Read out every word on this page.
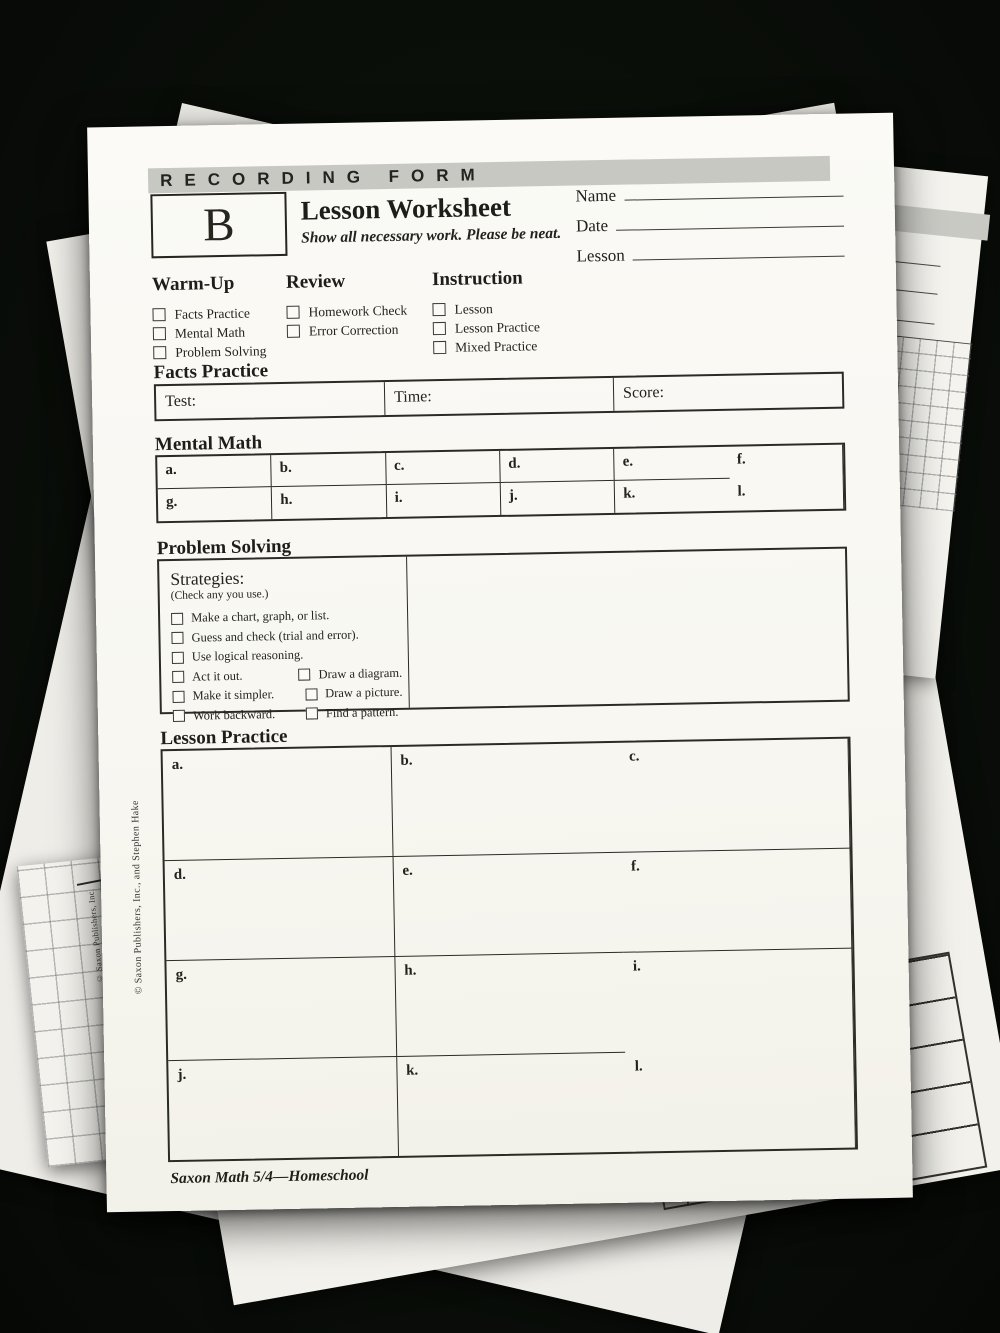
© Saxon Publishers, Inc.
RECORDING FORM
B	Lesson Worksheet
Show all necessary work. Please be neat.
Name
Date
Lesson
Warm-Up
Facts Practice
Mental Math
Problem Solving
Review
Homework Check
Error Correction
Instruction
Lesson
Lesson Practice
Mixed Practice
Facts Practice
Test:	Time:	Score:
Mental Math
a.	b.	c.	d.	e.	f.
g.	h.	i.	j.	k.	l.
Problem Solving
Strategies:
(Check any you use.)
Make a chart, graph, or list.
Guess and check (trial and error).
Use logical reasoning.
Act it out.	Draw a diagram.
Make it simpler.	Draw a picture.
Work backward.	Find a pattern.
Lesson Practice
a.	b.	c.
d.	e.	f.
g.	h.	i.
j.	k.	l.
Saxon Math 5/4—Homeschool
© Saxon Publishers, Inc., and Stephen Hake
